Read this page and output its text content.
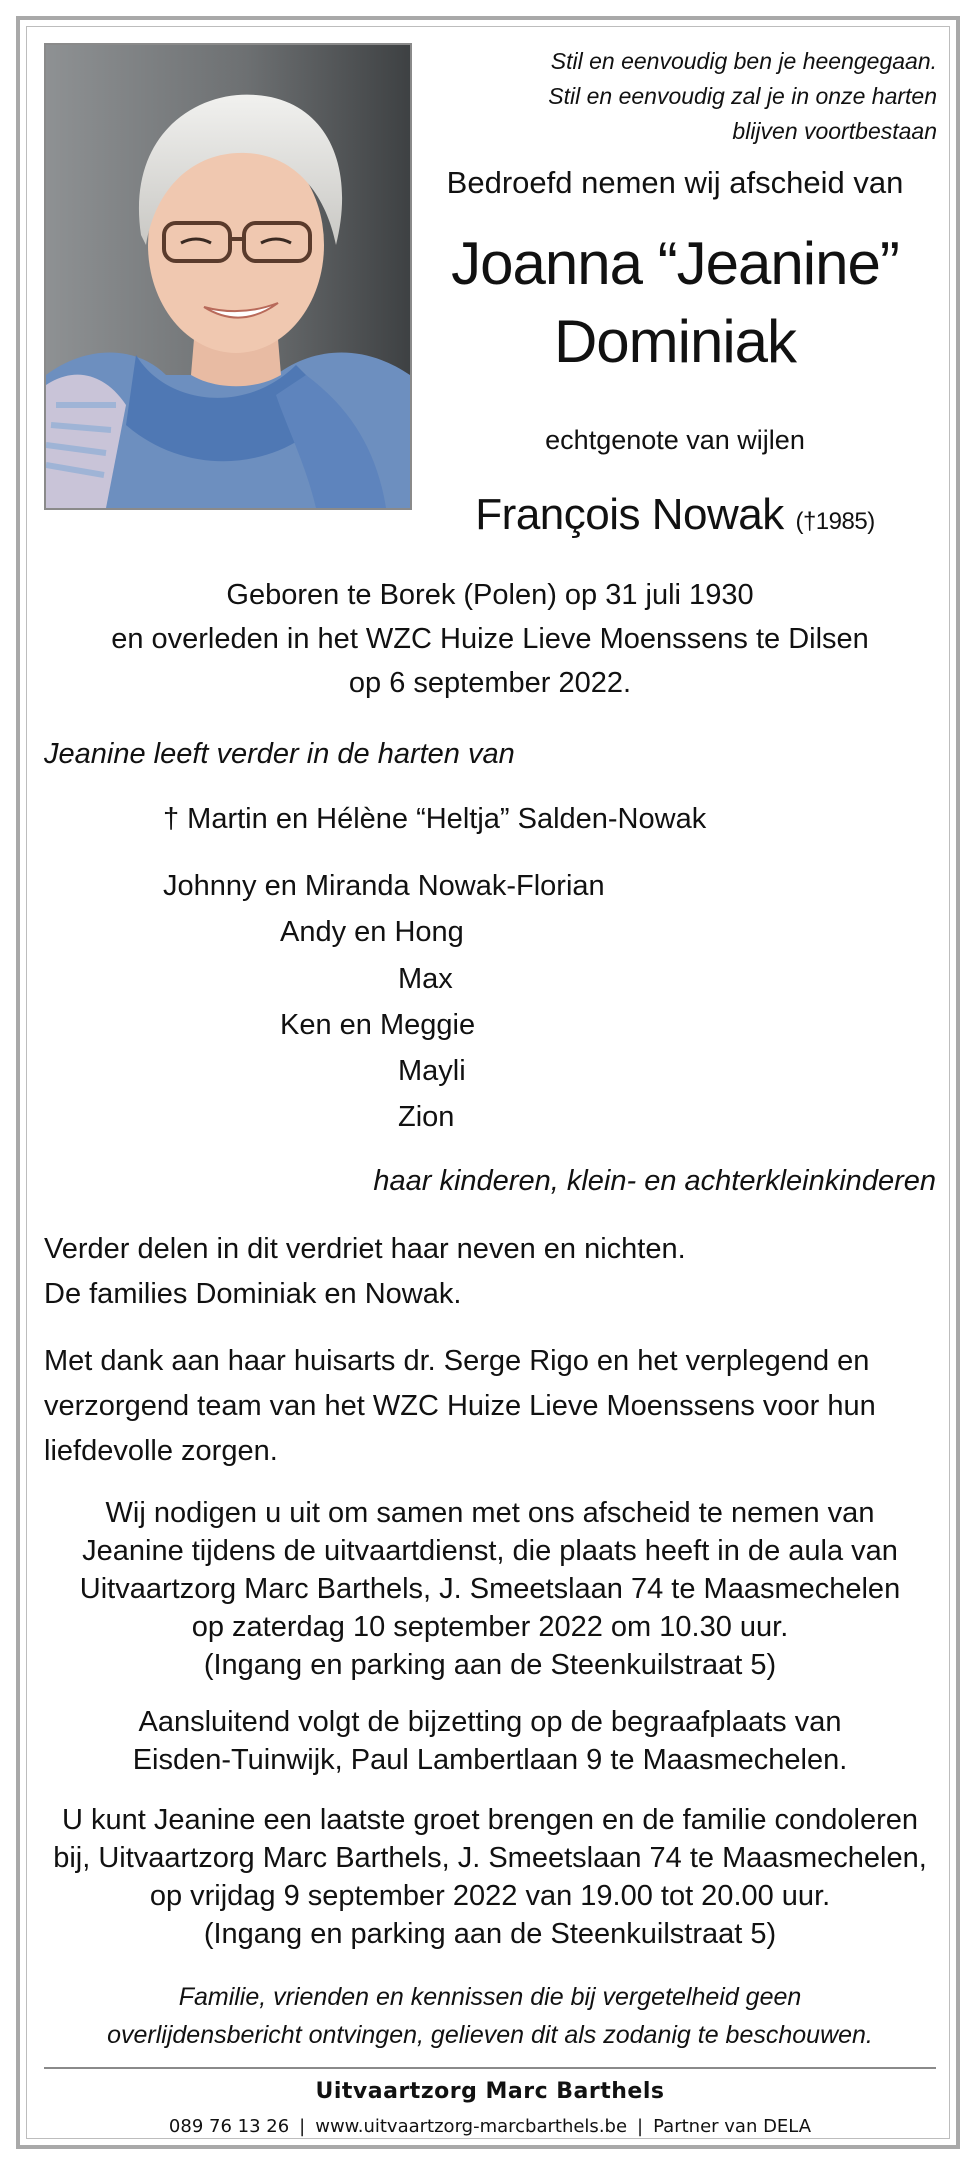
Stil en eenvoudig ben je heengegaan.
Stil en eenvoudig zal je in onze harten
blijven voortbestaan
Bedroefd nemen wij afscheid van
Joanna “Jeanine”
Dominiak
echtgenote van wijlen
François Nowak (†1985)
Geboren te Borek (Polen) op 31 juli 1930
en overleden in het WZC Huize Lieve Moenssens te Dilsen
op 6 september 2022.
Jeanine leeft verder in de harten van
† Martin en Hélène “Heltja” Salden-Nowak
Johnny en Miranda Nowak-Florian
Andy en Hong
Max
Ken en Meggie
Mayli
Zion
haar kinderen, klein- en achterkleinkinderen
Verder delen in dit verdriet haar neven en nichten.
De families Dominiak en Nowak.
Met dank aan haar huisarts dr. Serge Rigo en het verplegend en
verzorgend team van het WZC Huize Lieve Moenssens voor hun
liefdevolle zorgen.
Wij nodigen u uit om samen met ons afscheid te nemen van
Jeanine tijdens de uitvaartdienst, die plaats heeft in de aula van
Uitvaartzorg Marc Barthels, J. Smeetslaan 74 te Maasmechelen
op zaterdag 10 september 2022 om 10.30 uur.
(Ingang en parking aan de Steenkuilstraat 5)
Aansluitend volgt de bijzetting op de begraafplaats van
Eisden-Tuinwijk, Paul Lambertlaan 9 te Maasmechelen.
U kunt Jeanine een laatste groet brengen en de familie condoleren
bij, Uitvaartzorg Marc Barthels, J. Smeetslaan 74 te Maasmechelen,
op vrijdag 9 september 2022 van 19.00 tot 20.00 uur.
(Ingang en parking aan de Steenkuilstraat 5)
Familie, vrienden en kennissen die bij vergetelheid geen
overlijdensbericht ontvingen, gelieven dit als zodanig te beschouwen.
Uitvaartzorg Marc Barthels
089 76 13 26 | www.uitvaartzorg-marcbarthels.be | Partner van DELA
